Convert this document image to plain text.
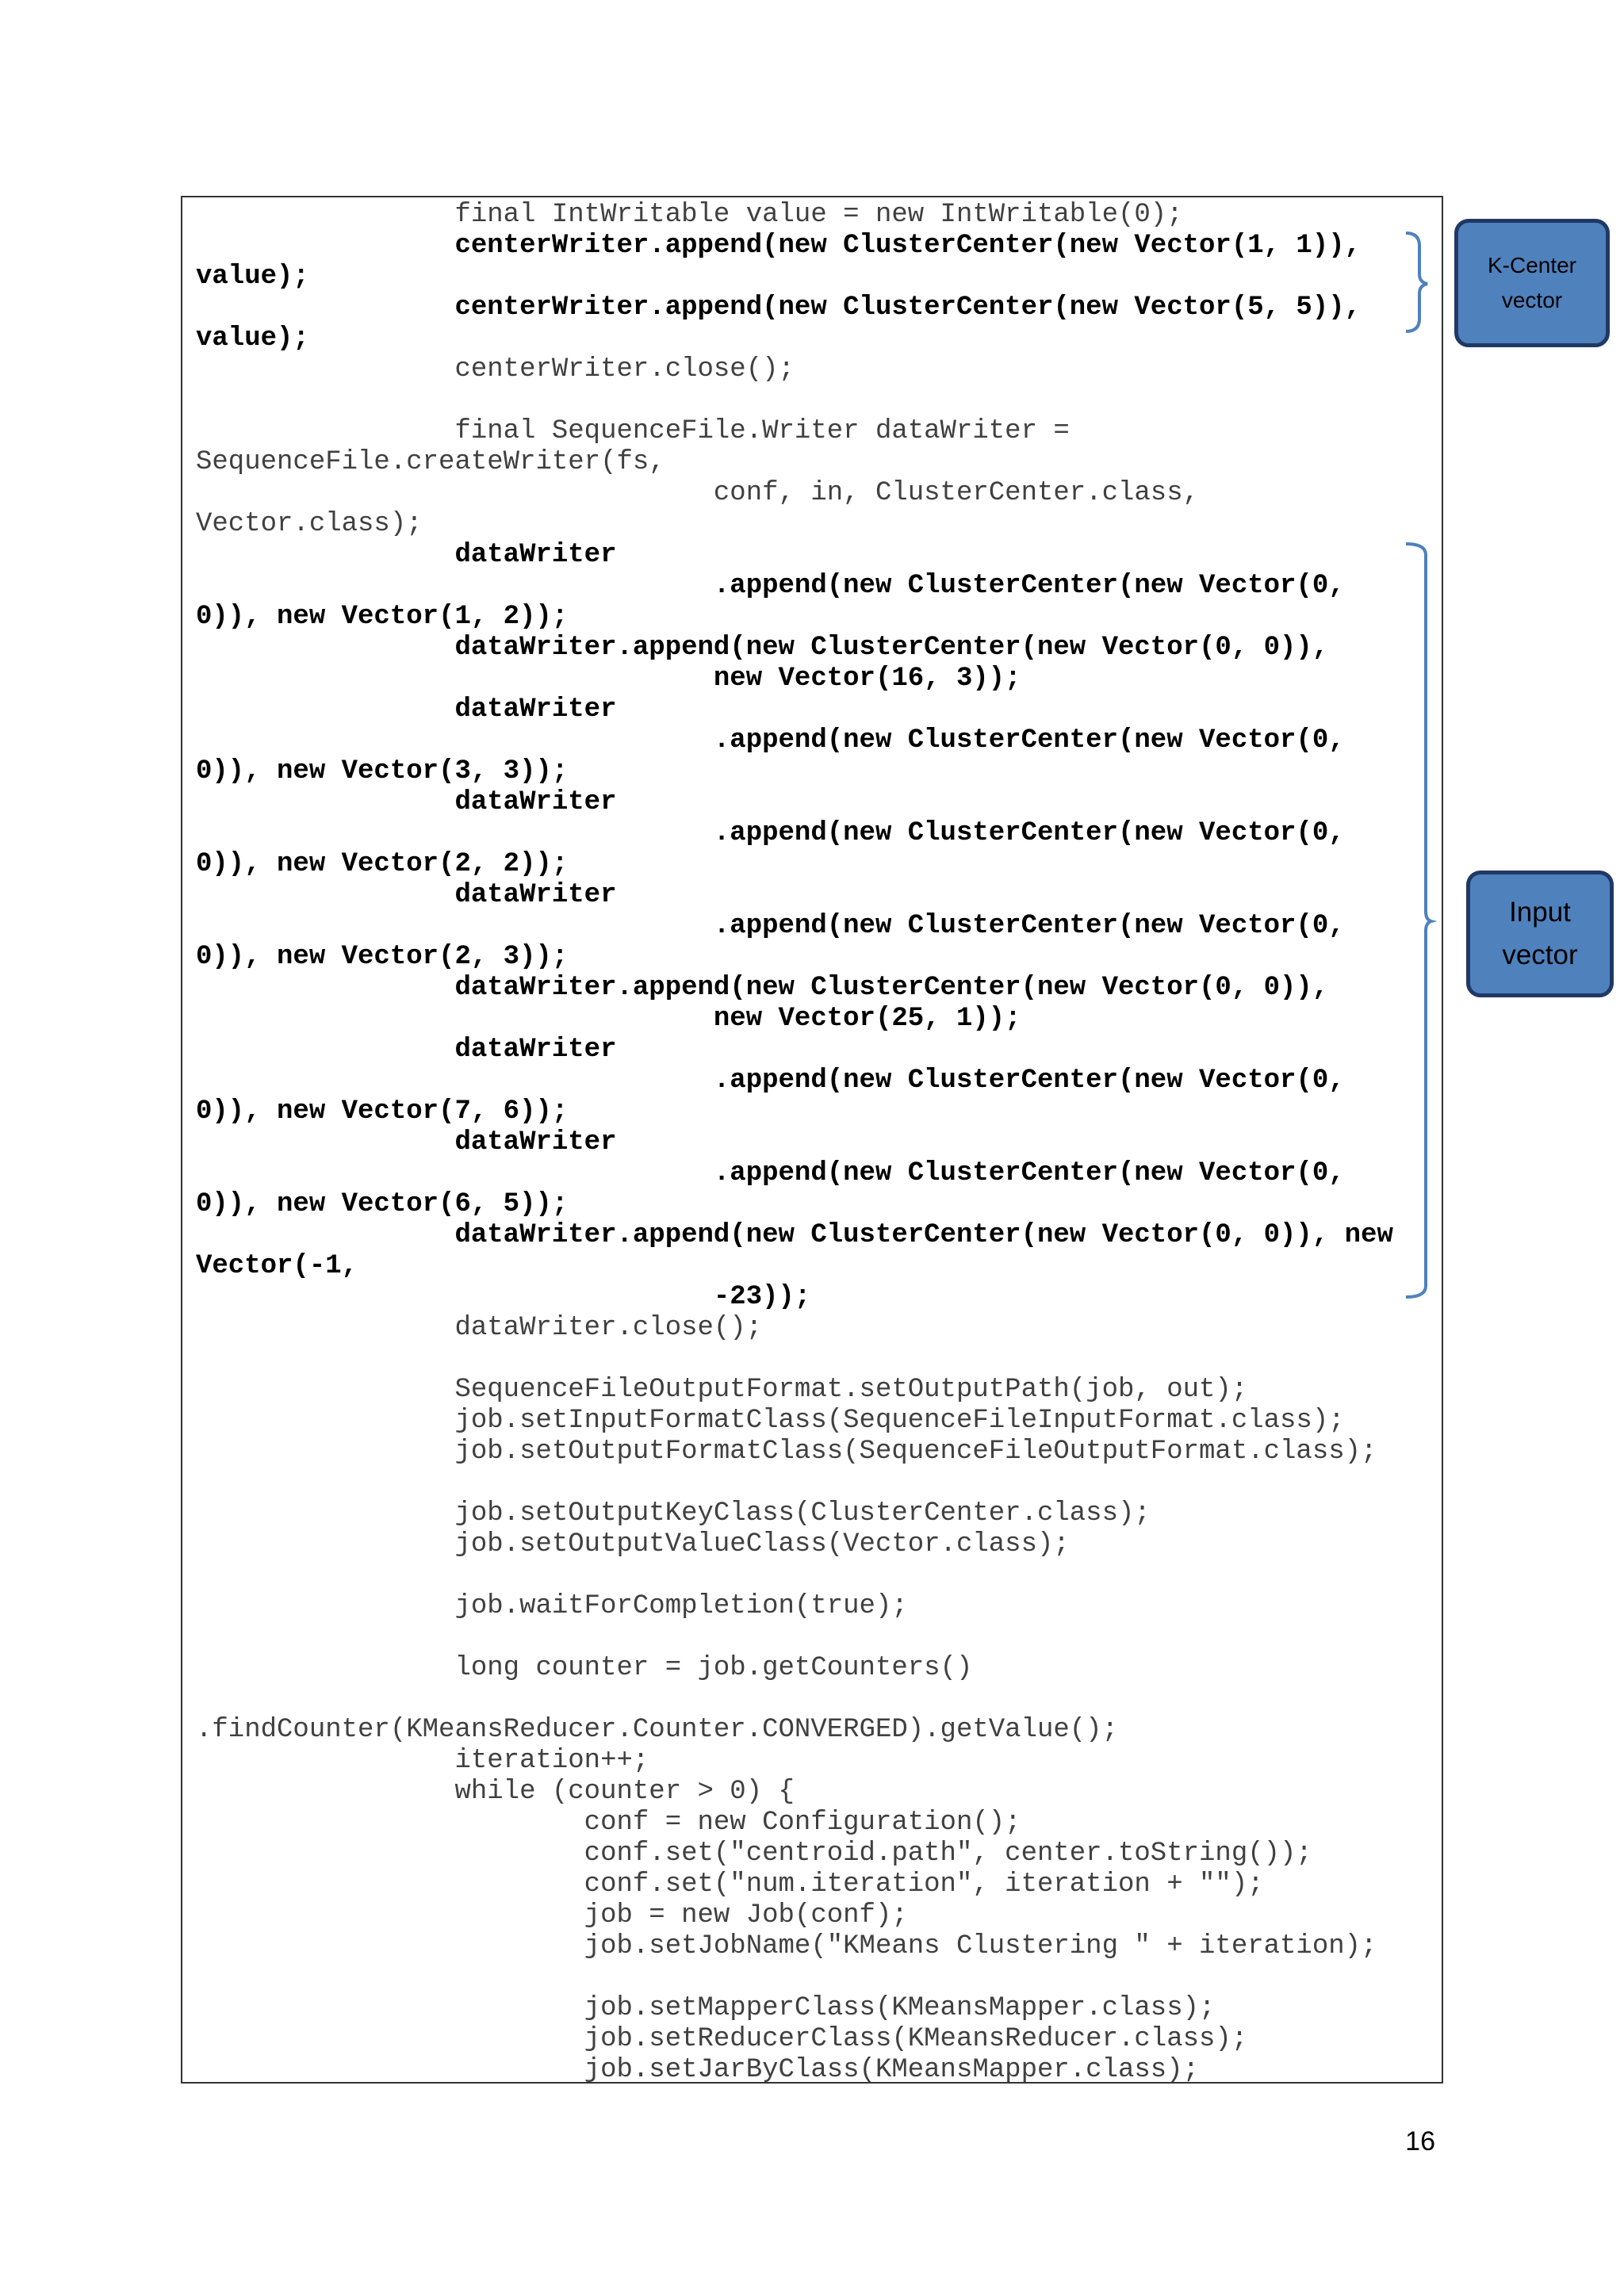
final IntWritable value = new IntWritable(0);
centerWriter.append(new ClusterCenter(new Vector(1, 1)),
value);
centerWriter.append(new ClusterCenter(new Vector(5, 5)),
value);
centerWriter.close();
final SequenceFile.Writer dataWriter =
SequenceFile.createWriter(fs,
conf, in, ClusterCenter.class,
Vector.class);
dataWriter
.append(new ClusterCenter(new Vector(0,
0)), new Vector(1, 2));
dataWriter.append(new ClusterCenter(new Vector(0, 0)),
new Vector(16, 3));
dataWriter
.append(new ClusterCenter(new Vector(0,
0)), new Vector(3, 3));
dataWriter
.append(new ClusterCenter(new Vector(0,
0)), new Vector(2, 2));
dataWriter
.append(new ClusterCenter(new Vector(0,
0)), new Vector(2, 3));
dataWriter.append(new ClusterCenter(new Vector(0, 0)),
new Vector(25, 1));
dataWriter
.append(new ClusterCenter(new Vector(0,
0)), new Vector(7, 6));
dataWriter
.append(new ClusterCenter(new Vector(0,
0)), new Vector(6, 5));
dataWriter.append(new ClusterCenter(new Vector(0, 0)), new
Vector(-1,
-23));
dataWriter.close();
SequenceFileOutputFormat.setOutputPath(job, out);
job.setInputFormatClass(SequenceFileInputFormat.class);
job.setOutputFormatClass(SequenceFileOutputFormat.class);
job.setOutputKeyClass(ClusterCenter.class);
job.setOutputValueClass(Vector.class);
job.waitForCompletion(true);
long counter = job.getCounters()
.findCounter(KMeansReducer.Counter.CONVERGED).getValue();
iteration++;
while (counter > 0) {
conf = new Configuration();
conf.set("centroid.path", center.toString());
conf.set("num.iteration", iteration + "");
job = new Job(conf);
job.setJobName("KMeans Clustering " + iteration);
job.setMapperClass(KMeansMapper.class);
job.setReducerClass(KMeansReducer.class);
job.setJarByClass(KMeansMapper.class);
K-Center
vector
Input
vector
16
